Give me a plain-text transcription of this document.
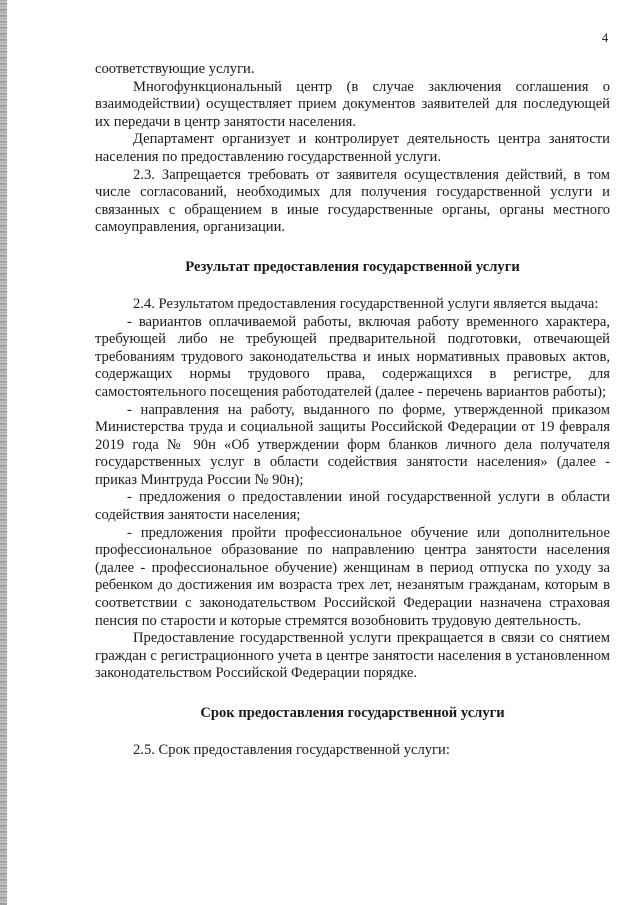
4

соответствующие услуги.

Многофункциональный центр (в случае заключения соглашения о взаимодействии) осуществляет прием документов заявителей для последующей их передачи в центр занятости населения.

Департамент организует и контролирует деятельность центра занятости населения по предоставлению государственной услуги.

2.3. Запрещается требовать от заявителя осуществления действий, в том числе согласований, необходимых для получения государственной услуги и связанных с обращением в иные государственные органы, органы местного самоуправления, организации.

Результат предоставления государственной услуги

2.4. Результатом предоставления государственной услуги является выдача:

- вариантов оплачиваемой работы, включая работу временного характера, требующей либо не требующей предварительной подготовки, отвечающей требованиям трудового законодательства и иных нормативных правовых актов, содержащих нормы трудового права, содержащихся в регистре, для самостоятельного посещения работодателей (далее - перечень вариантов работы);

- направления на работу, выданного по форме, утвержденной приказом Министерства труда и социальной защиты Российской Федерации от 19 февраля 2019 года № 90н «Об утверждении форм бланков личного дела получателя государственных услуг в области содействия занятости населения» (далее - приказ Минтруда России № 90н);

- предложения о предоставлении иной государственной услуги в области содействия занятости населения;

- предложения пройти профессиональное обучение или дополнительное профессиональное образование по направлению центра занятости населения (далее - профессиональное обучение) женщинам в период отпуска по уходу за ребенком до достижения им возраста трех лет, незанятым гражданам, которым в соответствии с законодательством Российской Федерации назначена страховая пенсия по старости и которые стремятся возобновить трудовую деятельность.

Предоставление государственной услуги прекращается в связи со снятием граждан с регистрационного учета в центре занятости населения в установленном законодательством Российской Федерации порядке.

Срок предоставления государственной услуги

2.5. Срок предоставления государственной услуги:
